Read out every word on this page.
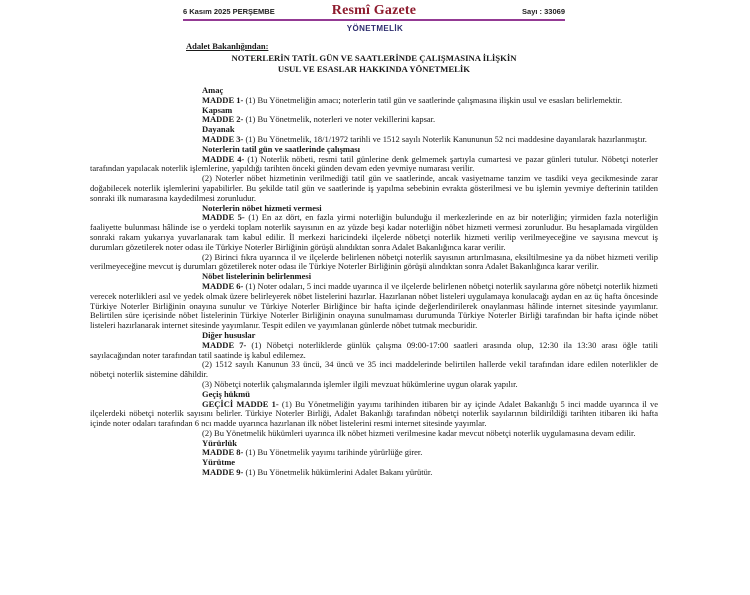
6 Kasım 2025 PERŞEMBE	Resmî Gazete	Sayı : 33069
YÖNETMELİK

Adalet Bakanlığından:

NOTERLERİN TATİL GÜN VE SAATLERİNDE ÇALIŞMASINA İLİŞKİN

USUL VE ESASLAR HAKKINDA YÖNETMELİK

Amaç

MADDE 1- (1) Bu Yönetmeliğin amacı; noterlerin tatil gün ve saatlerinde çalışmasına ilişkin usul ve esasları belirlemektir.

Kapsam

MADDE 2- (1) Bu Yönetmelik, noterleri ve noter vekillerini kapsar.

Dayanak

MADDE 3- (1) Bu Yönetmelik, 18/1/1972 tarihli ve 1512 sayılı Noterlik Kanununun 52 nci maddesine dayanılarak hazırlanmıştır.

Noterlerin tatil gün ve saatlerinde çalışması

MADDE 4- (1) Noterlik nöbeti, resmi tatil günlerine denk gelmemek şartıyla cumartesi ve pazar günleri tutulur. Nöbetçi noterler tarafından yapılacak noterlik işlemlerine, yapıldığı tarihten önceki günden devam eden yevmiye numarası verilir.

(2) Noterler nöbet hizmetinin verilmediği tatil gün ve saatlerinde, ancak vasiyetname tanzim ve tasdiki veya gecikmesinde zarar doğabilecek noterlik işlemlerini yapabilirler. Bu şekilde tatil gün ve saatlerinde iş yapılma sebebinin evrakta gösterilmesi ve bu işlemin yevmiye defterinin tatilden sonraki ilk numarasına kaydedilmesi zorunludur.

Noterlerin nöbet hizmeti vermesi

MADDE 5- (1) En az dört, en fazla yirmi noterliğin bulunduğu il merkezlerinde en az bir noterliğin; yirmiden fazla noterliğin faaliyette bulunması hâlinde ise o yerdeki toplam noterlik sayısının en az yüzde beşi kadar noterliğin nöbet hizmeti vermesi zorunludur. Bu hesaplamada virgülden sonraki rakam yukarıya yuvarlanarak tam kabul edilir. İl merkezi haricindeki ilçelerde nöbetçi noterlik hizmeti verilip verilmeyeceğine ve sayısına mevcut iş durumları gözetilerek noter odası ile Türkiye Noterler Birliğinin görüşü alındıktan sonra Adalet Bakanlığınca karar verilir.

(2) Birinci fıkra uyarınca il ve ilçelerde belirlenen nöbetçi noterlik sayısının artırılmasına, eksiltilmesine ya da nöbet hizmeti verilip verilmeyeceğine mevcut iş durumları gözetilerek noter odası ile Türkiye Noterler Birliğinin görüşü alındıktan sonra Adalet Bakanlığınca karar verilir.

Nöbet listelerinin belirlenmesi

MADDE 6- (1) Noter odaları, 5 inci madde uyarınca il ve ilçelerde belirlenen nöbetçi noterlik sayılarına göre nöbetçi noterlik hizmeti verecek noterlikleri asıl ve yedek olmak üzere belirleyerek nöbet listelerini hazırlar. Hazırlanan nöbet listeleri uygulamaya konulacağı aydan en az üç hafta öncesinde Türkiye Noterler Birliğinin onayına sunulur ve Türkiye Noterler Birliğince bir hafta içinde değerlendirilerek onaylanması hâlinde internet sitesinde yayımlanır. Belirtilen süre içerisinde nöbet listelerinin Türkiye Noterler Birliğinin onayına sunulmaması durumunda Türkiye Noterler Birliği tarafından bir hafta içinde nöbet listeleri hazırlanarak internet sitesinde yayımlanır. Tespit edilen ve yayımlanan günlerde nöbet tutmak mecburidir.

Diğer hususlar

MADDE 7- (1) Nöbetçi noterliklerde günlük çalışma 09:00-17:00 saatleri arasında olup, 12:30 ila 13:30 arası öğle tatili sayılacağından noter tarafından tatil saatinde iş kabul edilemez.

(2) 1512 sayılı Kanunun 33 üncü, 34 üncü ve 35 inci maddelerinde belirtilen hallerde vekil tarafından idare edilen noterlikler de nöbetçi noterlik sistemine dâhildir.

(3) Nöbetçi noterlik çalışmalarında işlemler ilgili mevzuat hükümlerine uygun olarak yapılır.

Geçiş hükmü

GEÇİCİ MADDE 1- (1) Bu Yönetmeliğin yayımı tarihinden itibaren bir ay içinde Adalet Bakanlığı 5 inci madde uyarınca il ve ilçelerdeki nöbetçi noterlik sayısını belirler. Türkiye Noterler Birliği, Adalet Bakanlığı tarafından nöbetçi noterlik sayılarının bildirildiği tarihten itibaren iki hafta içinde noter odaları tarafından 6 ncı madde uyarınca hazırlanan ilk nöbet listelerini resmi internet sitesinde yayımlar.

(2) Bu Yönetmelik hükümleri uyarınca ilk nöbet hizmeti verilmesine kadar mevcut nöbetçi noterlik uygulamasına devam edilir.

Yürürlük

MADDE 8- (1) Bu Yönetmelik yayımı tarihinde yürürlüğe girer.

Yürütme

MADDE 9- (1) Bu Yönetmelik hükümlerini Adalet Bakanı yürütür.
